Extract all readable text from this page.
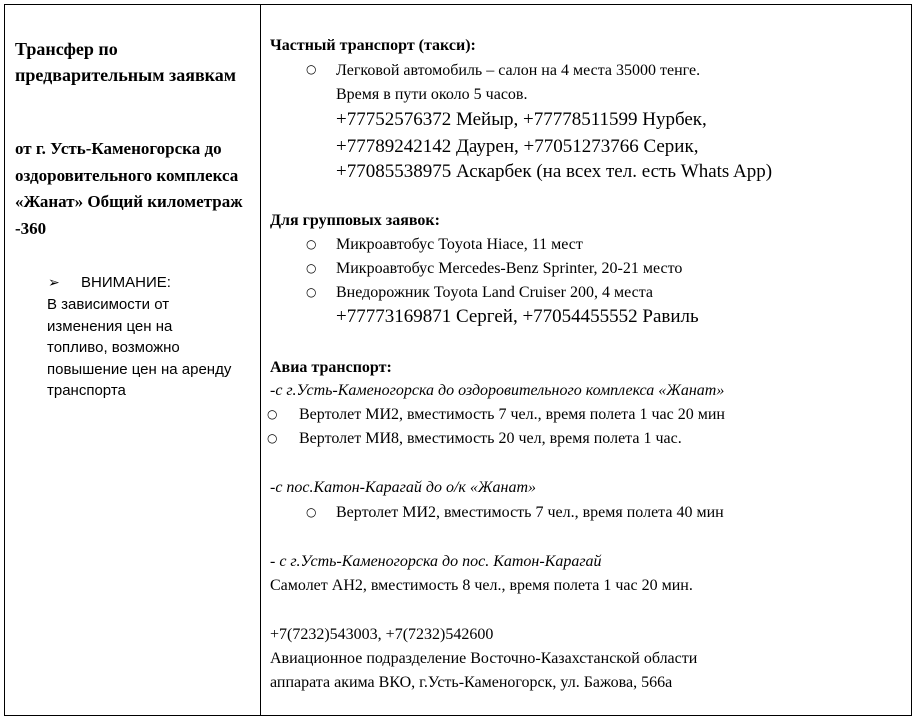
Трансфер по предварительным заявкам
от г. Усть-Каменогорска до оздоровительного комплекса «Жанат» Общий километраж -360
➢ ВНИМАНИЕ:
В зависимости от изменения цен на топливо, возможно повышение цен на аренду транспорта
Частный транспорт (такси):
○ Легковой автомобиль – салон на 4 места 35000 тенге.
Время в пути около 5 часов.
+77752576372 Мейыр, +77778511599 Нурбек,
+77789242142 Даурен, +77051273766 Серик,
+77085538975 Аскарбек (на всех тел. есть Whats App)
Для групповых заявок:
○ Микроавтобус Toyota Hiace, 11 мест
○ Микроавтобус Mercedes-Benz Sprinter, 20-21 место
○ Внедорожник Toyota Land Cruiser 200, 4 места
+77773169871 Сергей, +77054455552 Равиль
Авиа транспорт:
-с г.Усть-Каменогорска до оздоровительного комплекса «Жанат»
○ Вертолет МИ2, вместимость 7 чел., время полета 1 час 20 мин
○ Вертолет МИ8, вместимость 20 чел, время полета 1 час.
-с пос.Катон-Карагай до о/к «Жанат»
○ Вертолет МИ2, вместимость 7 чел., время полета 40 мин
- с г.Усть-Каменогорска до пос. Катон-Карагай
Самолет АН2, вместимость 8 чел., время полета 1 час 20 мин.
+7(7232)543003, +7(7232)542600
Авиационное подразделение Восточно-Казахстанской области
аппарата акима ВКО, г.Усть-Каменогорск, ул. Бажова, 566а
